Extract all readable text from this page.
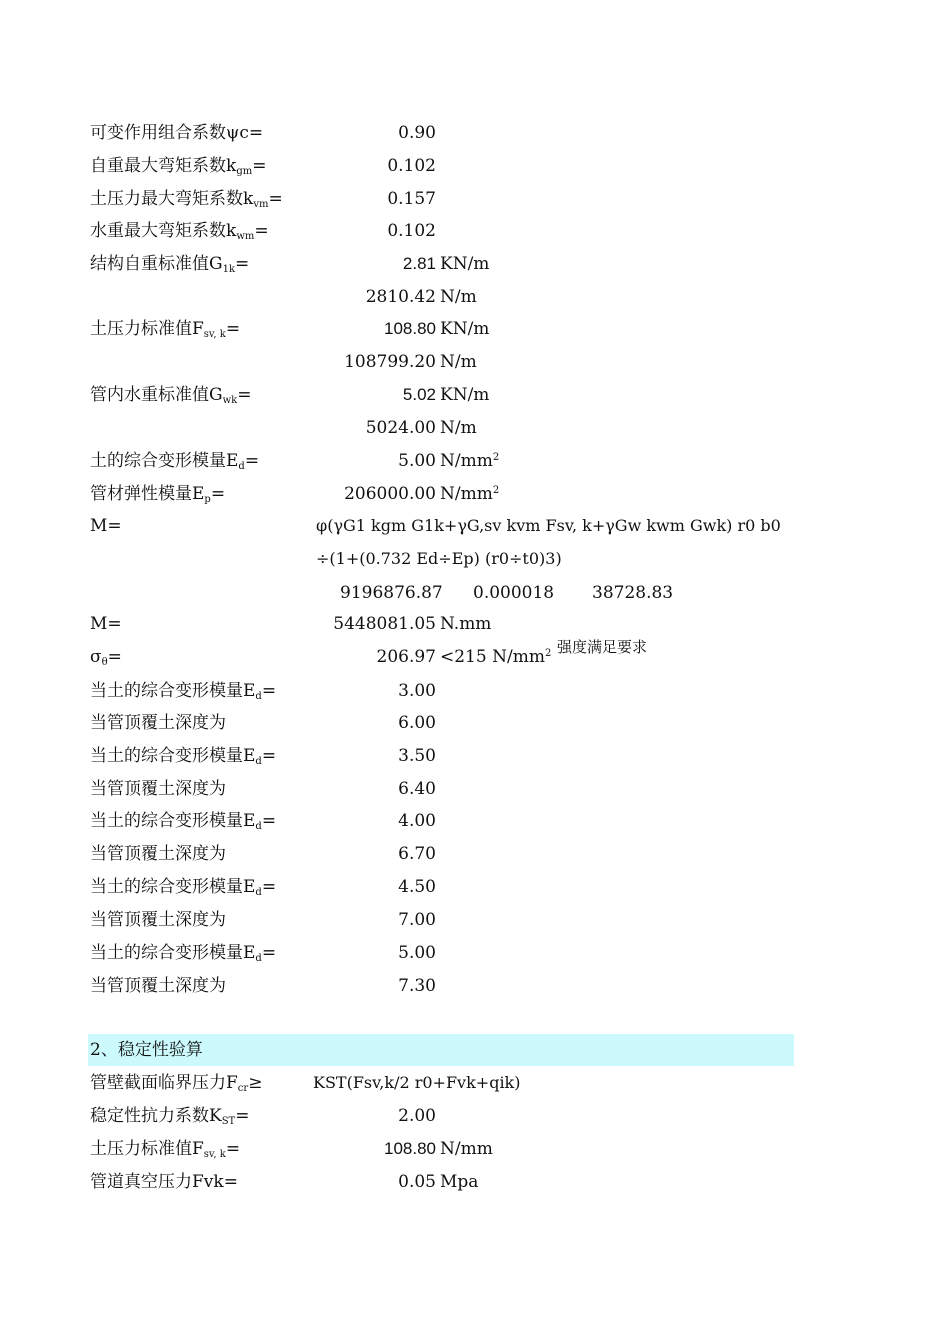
可变作用组合系数ψc=	0.90
自重最大弯矩系数$k_{gm}=$	0.102
土压力最大弯矩系数$k_{vm}=$	0.157
水重最大弯矩系数$k_{wm}=$	0.102
结构自重标准值$G_{1k}=$	2.81 KN/m
2810.42 N/m
土压力标准值$F_{sv, k}=$	108.80 KN/m
108799.20 N/m
管内水重标准值$G_{wk}=$	5.02 KN/m
5024.00 N/m
土的综合变形模量$E_d=$	5.00 $N/mm^2$
管材弹性模量$E_p=$	206000.00 $N/mm^2$
M=	φ(γG1 kgm G1k+γG,sv kvm Fsv, k+γGw kwm Gwk) r0 b0
÷(1+(0.732 Ed÷Ep) (r0÷t0)3)
9196876.87 0.000018 38728.83
M=	5448081.05 N.mm
$\sigma_\theta=$	206.97 <215 $N/mm^2$ 强度满足要求
当土的综合变形模量$E_d=$	3.00
当管顶覆土深度为	6.00
当土的综合变形模量$E_d=$	3.50
当管顶覆土深度为	6.40
当土的综合变形模量$E_d=$	4.00
当管顶覆土深度为	6.70
当土的综合变形模量$E_d=$	4.50
当管顶覆土深度为	7.00
当土的综合变形模量$E_d=$	5.00
当管顶覆土深度为	7.30
2、稳定性验算
管壁截面临界压力$F_{cr}\ge$	KST(Fsv,k/2 r0+Fvk+qik)
稳定性抗力系数$K_{ST}=$	2.00
土压力标准值$F_{sv, k}=$	108.80 N/mm
管道真空压力Fvk=	0.05 Mpa
